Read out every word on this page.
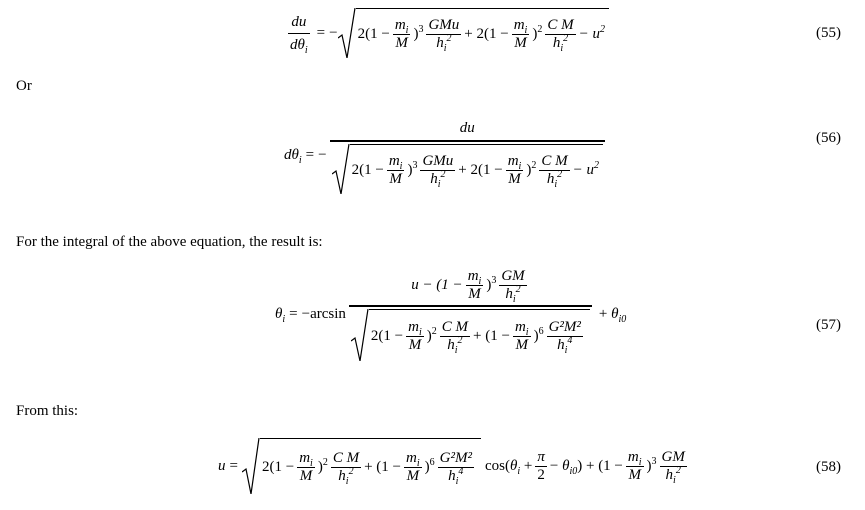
$\frac{du}{d\theta_i}$ = − $2(1 - \frac{m_i}{M} )^3 \frac{\text{GMu}}{h_i^2}$ +
$2(1 - \frac{m_i}{M} )^2 \frac{\text{C M}}{h_i^2} - u^2$	(55)
Or
$d\theta_i$ = −
du
$2(1 - \frac{m_i}{M} )^3 \frac{\text{GMu}}{h_i^2}$ +
$2(1 - \frac{m_i}{M} )^2 \frac{\text{C M}}{h_i^2} - u^2$
(56)
For the integral of the above equation, the result is:
$\theta_i$ = − arcsin
$u - (1 - \frac{m_i}{M} )^3 \frac{GM}{h_i^2}$
$2(1 - \frac{m_i}{M} )^2 \frac{\text{C M}}{h_i^2}$ +
$(1 - \frac{m_i}{M} )^6 \frac{\text{G²M²}}{h_i^4}$
+
$\theta_{i0}$	(57)
From this:
$u = 2(1 - \frac{m_i}{M} )^2 \frac{\text{C M}}{h_i^2}$ +
$(1 - \frac{m_i}{M} )^6 \frac{\text{G²M²}}{h_i^4}$ cos ( $\theta_i$
+ $\frac{\pi}{2}$ −
$\theta_{i0}$ ) +
$(1 - \frac{m_i}{M} )^3 \frac{GM}{h_i^2}$	(58)
